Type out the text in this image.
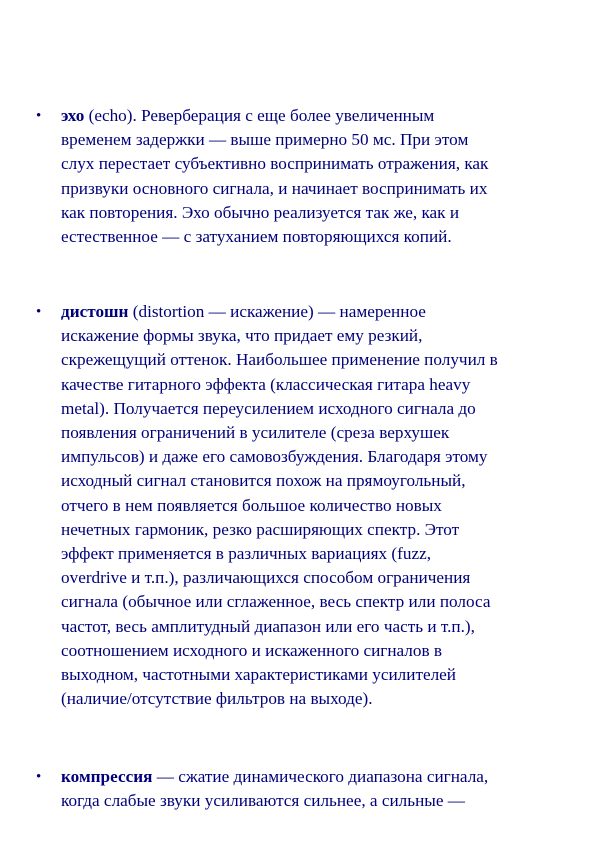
• эхо (echo). Реверберация с еще более увеличенным
временем задержки — выше примерно 50 мс. При этом
слух перестает субъективно воспринимать отражения, как
призвуки основного сигнала, и начинает воспринимать их
как повторения. Эхо обычно реализуется так же, как и
естественное — с затуханием повторяющихся копий.
• дистошн (distortion — искажение) — намеренное
искажение формы звука, что придает ему резкий,
скрежещущий оттенок. Наибольшее применение получил в
качестве гитарного эффекта (классическая гитара heavy
metal). Получается переусилением исходного сигнала до
появления ограничений в усилителе (среза верхушек
импульсов) и даже его самовозбуждения. Благодаря этому
исходный сигнал становится похож на прямоугольный,
отчего в нем появляется большое количество новых
нечетных гармоник, резко расширяющих спектр. Этот
эффект применяется в различных вариациях (fuzz,
overdrive и т.п.), различающихся способом ограничения
сигнала (обычное или сглаженное, весь спектр или полоса
частот, весь амплитудный диапазон или его часть и т.п.),
соотношением исходного и искаженного сигналов в
выходном, частотными характеристиками усилителей
(наличие/отсутствие фильтров на выходе).
• компрессия — сжатие динамического диапазона сигнала,
когда слабые звуки усиливаются сильнее, а сильные —
